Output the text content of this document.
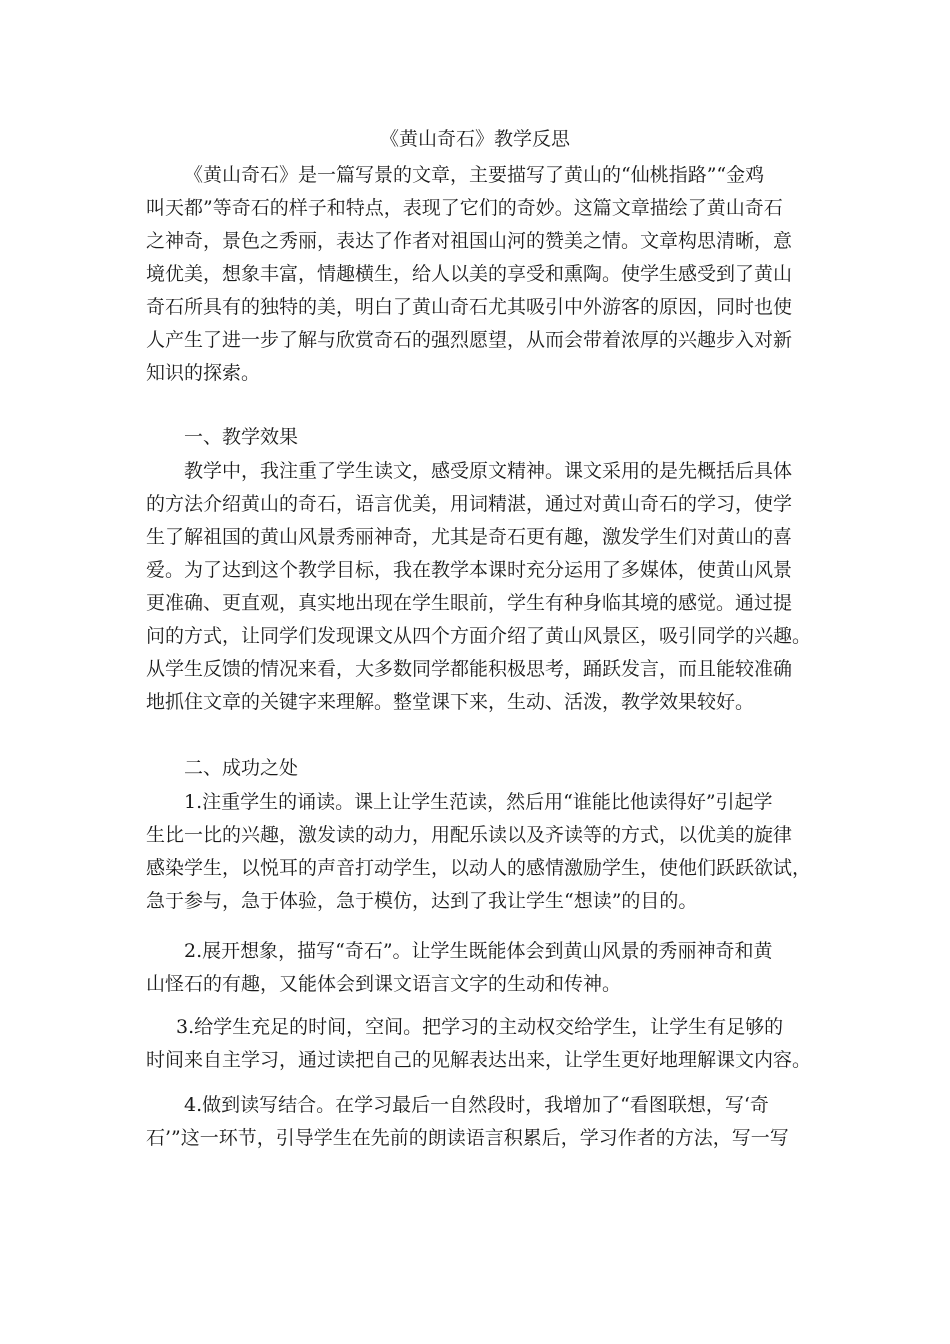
《黄山奇石》教学反思
《黄山奇石》是一篇写景的文章，主要描写了黄山的“仙桃指路”“金鸡
叫天都”等奇石的样子和特点，表现了它们的奇妙。这篇文章描绘了黄山奇石
之神奇，景色之秀丽，表达了作者对祖国山河的赞美之情。文章构思清晰，意
境优美，想象丰富，情趣横生，给人以美的享受和熏陶。使学生感受到了黄山
奇石所具有的独特的美，明白了黄山奇石尤其吸引中外游客的原因，同时也使
人产生了进一步了解与欣赏奇石的强烈愿望，从而会带着浓厚的兴趣步入对新
知识的探索。
一、教学效果
教学中，我注重了学生读文，感受原文精神。课文采用的是先概括后具体
的方法介绍黄山的奇石，语言优美，用词精湛，通过对黄山奇石的学习，使学
生了解祖国的黄山风景秀丽神奇，尤其是奇石更有趣，激发学生们对黄山的喜
爱。为了达到这个教学目标，我在教学本课时充分运用了多媒体，使黄山风景
更准确、更直观，真实地出现在学生眼前，学生有种身临其境的感觉。通过提
问的方式，让同学们发现课文从四个方面介绍了黄山风景区，吸引同学的兴趣。
从学生反馈的情况来看，大多数同学都能积极思考，踊跃发言，而且能较准确
地抓住文章的关键字来理解。整堂课下来，生动、活泼，教学效果较好。
二、成功之处
1.注重学生的诵读。课上让学生范读，然后用“谁能比他读得好”引起学
生比一比的兴趣，激发读的动力，用配乐读以及齐读等的方式，以优美的旋律
感染学生，以悦耳的声音打动学生，以动人的感情激励学生，使他们跃跃欲试，
急于参与，急于体验，急于模仿，达到了我让学生“想读”的目的。
2.展开想象，描写“奇石”。让学生既能体会到黄山风景的秀丽神奇和黄
山怪石的有趣，又能体会到课文语言文字的生动和传神。
3.给学生充足的时间，空间。把学习的主动权交给学生，让学生有足够的
时间来自主学习，通过读把自己的见解表达出来，让学生更好地理解课文内容。
4.做到读写结合。在学习最后一自然段时，我增加了“看图联想，写‘奇
石’”这一环节，引导学生在先前的朗读语言积累后，学习作者的方法，写一写
